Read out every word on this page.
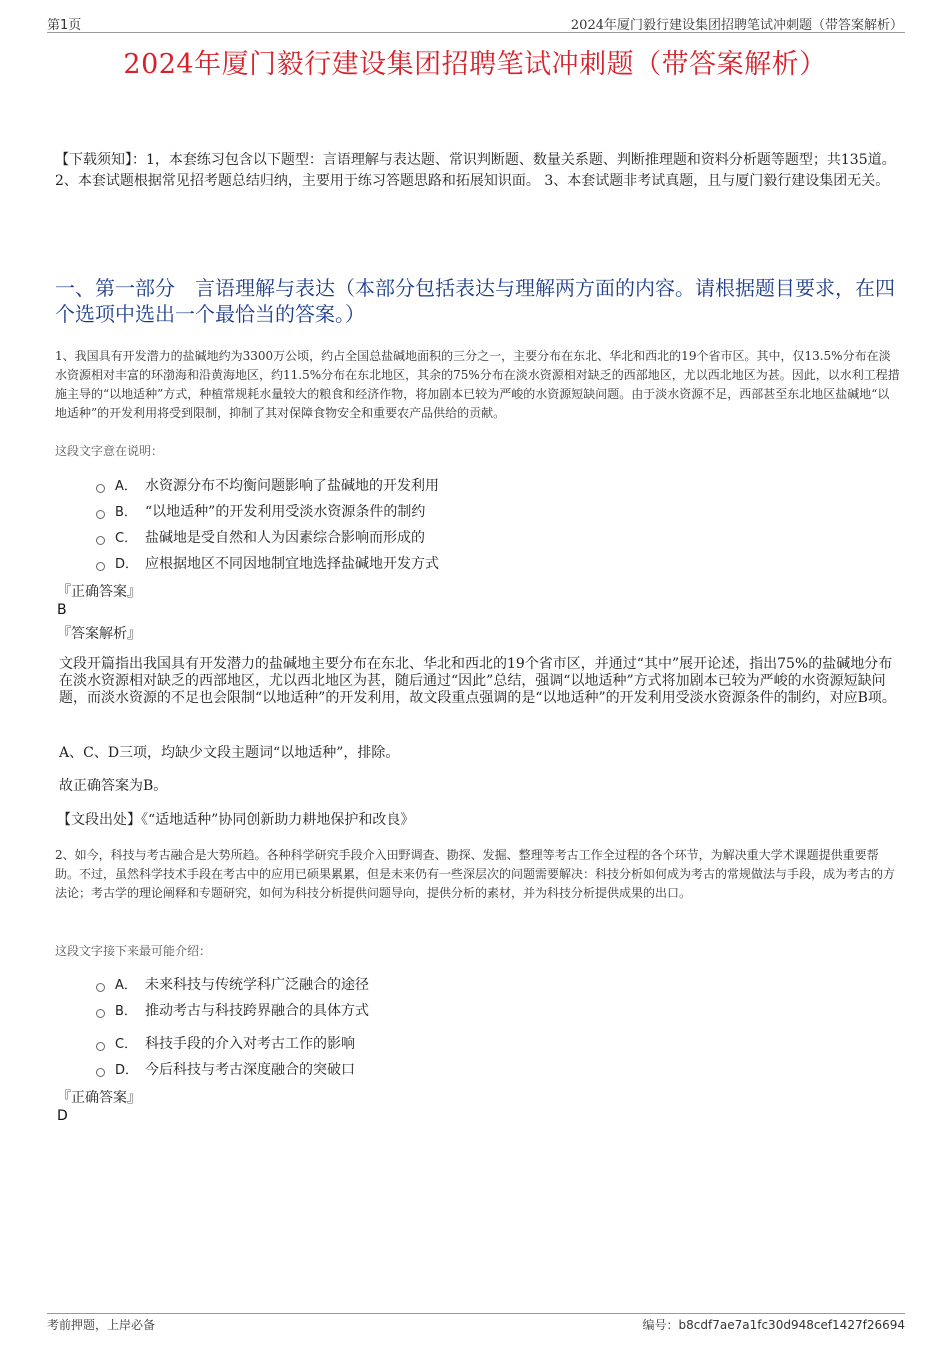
第1页	2024年厦门毅行建设集团招聘笔试冲刺题（带答案解析）
2024年厦门毅行建设集团招聘笔试冲刺题（带答案解析）
【下载须知】：1，本套练习包含以下题型：言语理解与表达题、常识判断题、数量关系题、判断推理题和资料分析题等题型；共135道。 2、本套试题根据常见招考题总结归纳，主要用于练习答题思路和拓展知识面。 3、本套试题非考试真题，且与厦门毅行建设集团无关。
一、第一部分　言语理解与表达（本部分包括表达与理解两方面的内容。请根据题目要求，在四个选项中选出一个最恰当的答案。）
1、我国具有开发潜力的盐碱地约为3300万公顷，约占全国总盐碱地面积的三分之一，主要分布在东北、华北和西北的19个省市区。其中，仅13.5%分布在淡水资源相对丰富的环渤海和沿黄海地区，约11.5%分布在东北地区，其余的75%分布在淡水资源相对缺乏的西部地区，尤以西北地区为甚。因此，以水利工程措施主导的“以地适种”方式，种植常规耗水量较大的粮食和经济作物，将加剧本已较为严峻的水资源短缺问题。由于淡水资源不足，西部甚至东北地区盐碱地“以地适种”的开发利用将受到限制，抑制了其对保障食物安全和重要农产品供给的贡献。
这段文字意在说明：
A． 水资源分布不均衡问题影响了盐碱地的开发利用
B． “以地适种”的开发利用受淡水资源条件的制约
C． 盐碱地是受自然和人为因素综合影响而形成的
D． 应根据地区不同因地制宜地选择盐碱地开发方式
『正确答案』
B
『答案解析』
文段开篇指出我国具有开发潜力的盐碱地主要分布在东北、华北和西北的19个省市区，并通过“其中”展开论述，指出75%的盐碱地分布在淡水资源相对缺乏的西部地区，尤以西北地区为甚，随后通过“因此”总结，强调“以地适种”方式将加剧本已较为严峻的水资源短缺问题，而淡水资源的不足也会限制“以地适种”的开发利用，故文段重点强调的是“以地适种”的开发利用受淡水资源条件的制约，对应B项。
A、C、D三项，均缺少文段主题词“以地适种”，排除。
故正确答案为B。
【文段出处】《“适地适种”协同创新助力耕地保护和改良》
2、如今，科技与考古融合是大势所趋。各种科学研究手段介入田野调查、勘探、发掘、整理等考古工作全过程的各个环节，为解决重大学术课题提供重要帮助。不过，虽然科学技术手段在考古中的应用已硕果累累，但是未来仍有一些深层次的问题需要解决：科技分析如何成为考古的常规做法与手段，成为考古的方法论；考古学的理论阐释和专题研究，如何为科技分析提供问题导向，提供分析的素材，并为科技分析提供成果的出口。
这段文字接下来最可能介绍：
A． 未来科技与传统学科广泛融合的途径
B． 推动考古与科技跨界融合的具体方式
C． 科技手段的介入对考古工作的影响
D． 今后科技与考古深度融合的突破口
『正确答案』
D
考前押题，上岸必备	编号：b8cdf7ae7a1fc30d948cef1427f26694
